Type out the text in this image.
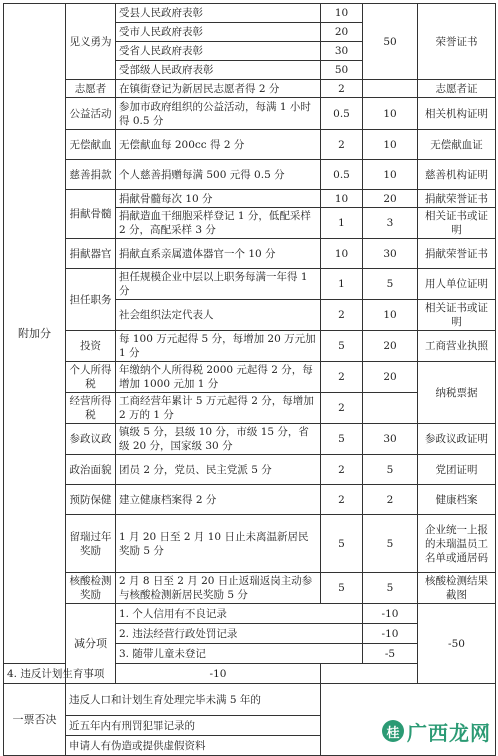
附加分	见义勇为	受县人民政府表彰	10	50	荣誉证书	
		受市人民政府表彰	20			
		受省人民政府表彰	30			
		受部级人民政府表彰	50			
	志愿者	在镇街登记为新居民志愿者得 2 分	2		志愿者证	
	公益活动	参加市政府组织的公益活动，每满 1 小时得 0.5 分	0.5	10	相关机构证明	
	无偿献血	无偿献血每 200cc 得 2 分	2	10	无偿献血证	
	慈善捐款	个人慈善捐赠每满 500 元得 0.5 分	0.5	10	慈善机构证明	
	捐献骨髓	捐献骨髓每次 10 分	10	20	捐献荣誉证书	
		捐献造血干细胞采样登记 1 分，低配采样 2 分，高配采样 3 分	1	3	相关证书或证明	
	捐献器官	捐献直系亲属遗体器官一个 10 分	10	30	捐献荣誉证书	
	担任职务	担任规模企业中层以上职务每满一年得 1 分	1	5	用人单位证明	
		社会组织法定代表人	2	10	相关证书或证明	
	投资	每 100 万元起得 5 分，每增加 20 万元加 1 分	5	20	工商营业执照	
	个人所得税	年缴纳个人所得税 2000 元起得 2 分，每增加 1000 元加 1 分	2	20	纳税票据	
	经营所得税	工商经营年累计 5 万元起得 2 分，每增加 2 万的 1 分	2			
	参政议政	镇级 5 分，县级 10 分，市级 15 分，省级 20 分，国家级 30 分	5	30	参政议政证明	
	政治面貌	团员 2 分，党员、民主党派 5 分	2	5	党团证明	
	预防保健	建立健康档案得 2 分	2	2	健康档案	
	留瑞过年奖励	1 月 20 日至 2 月 10 日止未离温新居民奖励 5 分	5	5	企业统一上报的未瑞温员工名单或通居码	
	核酸检测奖励	2 月 8 日至 2 月 20 日止返瑞返岗主动参与核酸检测新居民奖励 5 分	5	5	核酸检测结果截图	
	减分项	1. 个人信用有不良记录		-10	-50	
		2. 违法经营行政处罚记录		-10		
		3. 随带儿童未登记		-5		
4. 违反计划生育事项		-10				
一票否决	违反人口和计划生育处理完毕未满 5 年的					
	近五年内有刑罚犯罪记录的					
	申请人有伪造或提供虚假资料					
桂 广西龙网
